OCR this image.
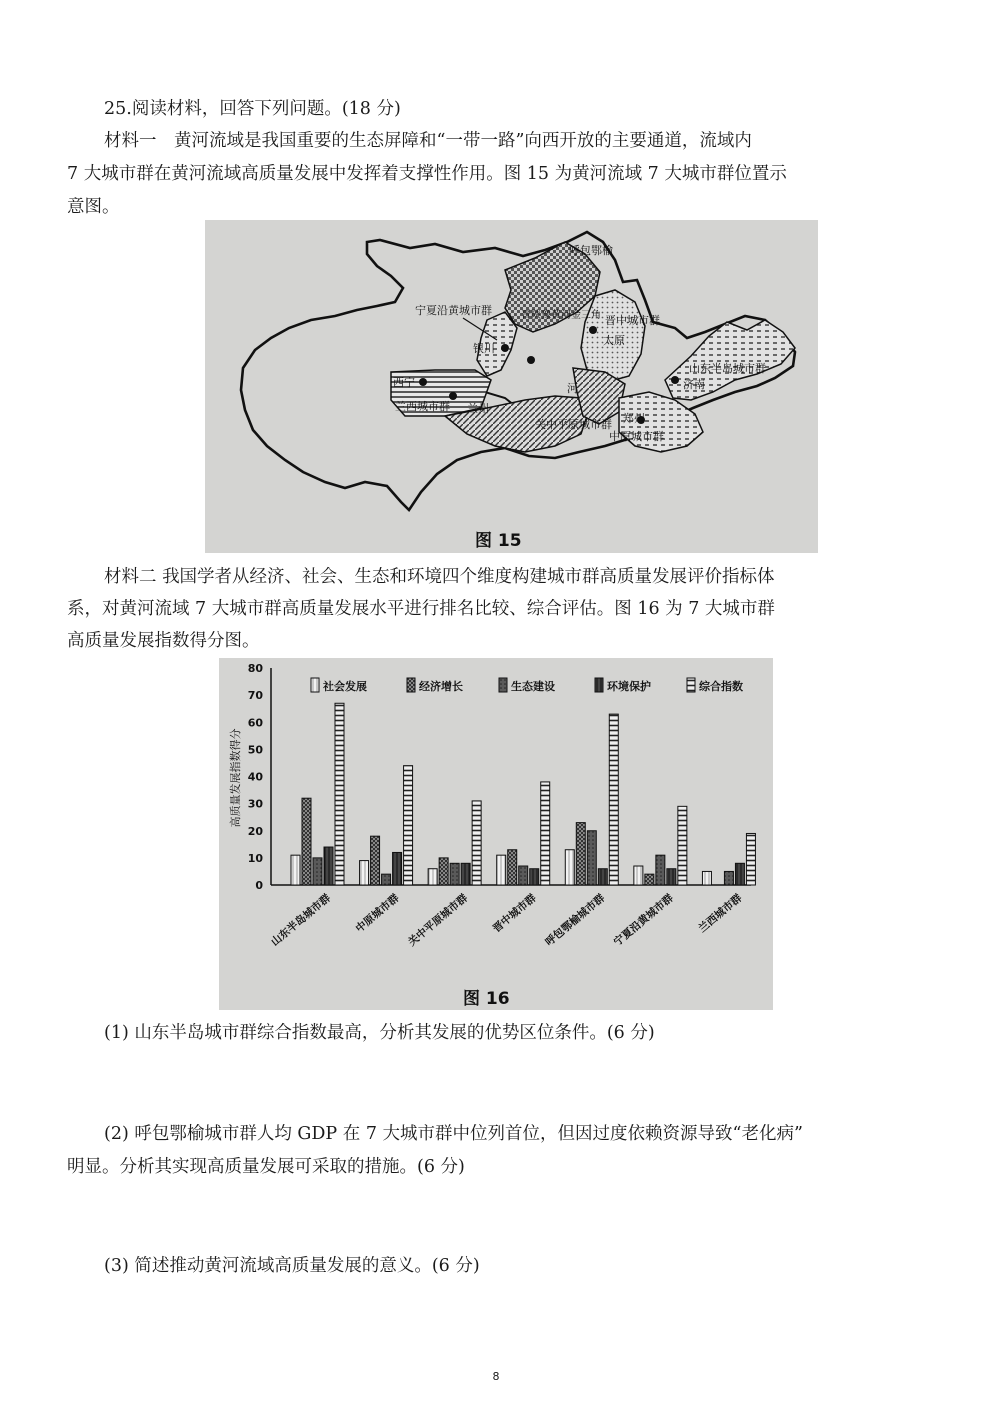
25.阅读材料，回答下列问题。(18 分)
材料一　黄河流域是我国重要的生态屏障和“一带一路”向西开放的主要通道，流域内
7 大城市群在黄河流域高质量发展中发挥着支撑性作用。图 15 为黄河流域 7 大城市群位置示
意图。
呼包鄂榆
宁夏沿黄城市群
银川
晋陕豫黄河金三角 晋中城市群
太原
山东半岛城市群
济南
西宁
兰西城市群 兰州
关中平原城市群
中原城市群
郑州
河
图 15
材料二 我国学者从经济、社会、生态和环境四个维度构建城市群高质量发展评价指标体
系，对黄河流域 7 大城市群高质量发展水平进行排名比较、综合评估。图 16 为 7 大城市群
高质量发展指数得分图。
0
10
20
30
40
50
60
70
80
山东半岛城市群 中原城市群 关中平原城市群 晋中城市群 呼包鄂榆城市群 宁夏沿黄城市群 兰西城市群
社会发展	经济增长	生态建设	环境保护	综合指数
高质量发展指数得分
图 16
(1) 山东半岛城市群综合指数最高，分析其发展的优势区位条件。(6 分)
(2) 呼包鄂榆城市群人均 GDP 在 7 大城市群中位列首位，但因过度依赖资源导致“老化病”
明显。分析其实现高质量发展可采取的措施。(6 分)
(3) 简述推动黄河流域高质量发展的意义。(6 分)
8
